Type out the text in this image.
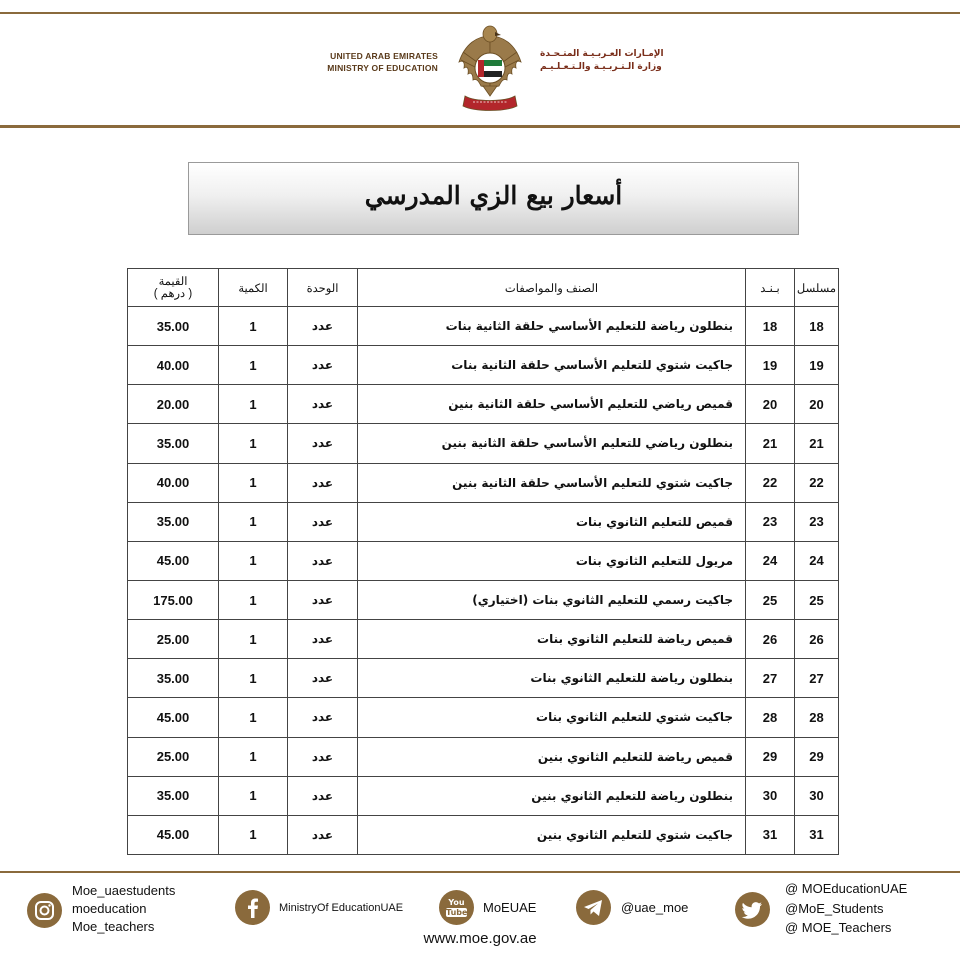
UNITED ARAB EMIRATES
MINISTRY OF EDUCATION
الإمـارات العـربـيـة المتـحـدة
وزارة الـتـربـيـة والـتـعـلـيـم
أسعار بيع الزي المدرسي
مسلسل	بـنـد	الصنف والمواصفات	الوحدة	الكمية	القيمة
( درهم )

18	18	بنطلون رياضة للتعليم الأساسي حلقة الثانية بنات	عدد	1	35.00
19	19	جاكيت شتوي للتعليم الأساسي حلقة الثانية بنات	عدد	1	40.00
20	20	قميص رياضي للتعليم الأساسي حلقة الثانية بنين	عدد	1	20.00
21	21	بنطلون رياضي للتعليم الأساسي حلقة الثانية بنين	عدد	1	35.00
22	22	جاكيت شتوي للتعليم الأساسي حلقة الثانية بنين	عدد	1	40.00
23	23	قميص للتعليم الثانوي بنات	عدد	1	35.00
24	24	مريول للتعليم الثانوي بنات	عدد	1	45.00
25	25	جاكيت رسمي للتعليم الثانوي بنات (اختياري)	عدد	1	175.00
26	26	قميص رياضة للتعليم الثانوي بنات	عدد	1	25.00
27	27	بنطلون رياضة للتعليم الثانوي بنات	عدد	1	35.00
28	28	جاكيت شتوي للتعليم الثانوي بنات	عدد	1	45.00
29	29	قميص رياضة للتعليم الثانوي بنين	عدد	1	25.00
30	30	بنطلون رياضة للتعليم الثانوي بنين	عدد	1	35.00
31	31	جاكيت شتوي للتعليم الثانوي بنين	عدد	1	45.00
Moe_uaestudents
moeducation
Moe_teachers
MinistryOf EducationUAE	You
Tube MoEUAE	@uae_moe
@ MOEducationUAE
@MoE_Students
@ MOE_Teachers
www.moe.gov.ae
